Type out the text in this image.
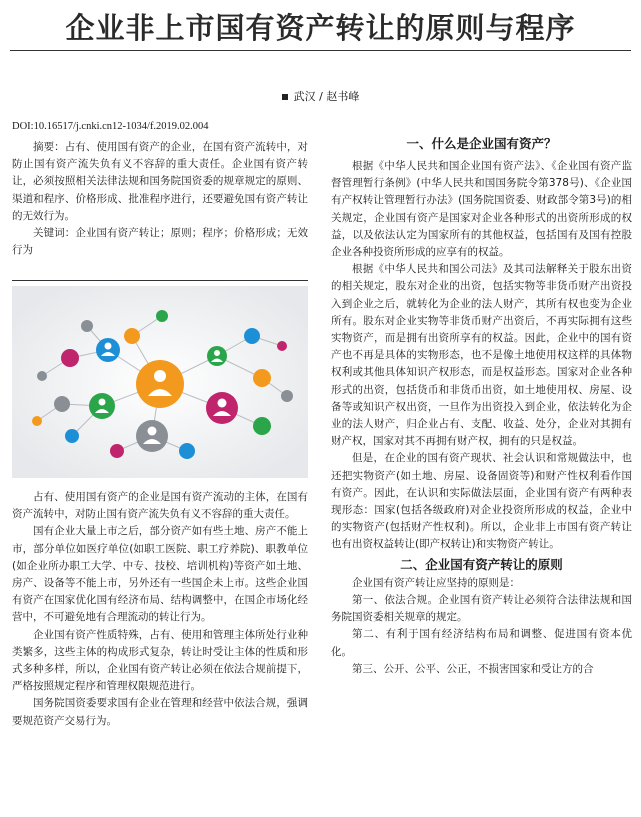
企业非上市国有资产转让的原则与程序
武汉 / 赵书峰
DOI:10.16517/j.cnki.cn12-1034/f.2019.02.004

摘要：占有、使用国有资产的企业，在国有资产流转中，对防止国有资产流失负有义不容辞的重大责任。企业国有资产转让，必须按照相关法律法规和国务院国资委的规章规定的原则、渠道和程序、价格形成、批准程序进行，还要避免国有资产转让的无效行为。

关键词：企业国有资产转让；原则；程序；价格形成；无效行为

占有、使用国有资产的企业是国有资产流动的主体，在国有资产流转中，对防止国有资产流失负有义不容辞的重大责任。

国有企业大量上市之后，部分资产如有些土地、房产不能上市，部分单位如医疗单位(如职工医院、职工疗养院)、职教单位(如企业所办职工大学、中专、技校、培训机构)等资产如土地、房产、设备等不能上市，另外还有一些国企未上市。这些企业国有资产在国家优化国有经济布局、结构调整中，在国企市场化经营中，不可避免地有合理流动的转让行为。

企业国有资产性质特殊，占有、使用和管理主体所处行业种类繁多，这些主体的构成形式复杂，转让时受让主体的性质和形式多种多样，所以，企业国有资产转让必须在依法合规前提下，严格按照规定程序和管理权限规范进行。

国务院国资委要求国有企业在管理和经营中依法合规，强调要规范资产交易行为。

一、什么是企业国有资产？

根据《中华人民共和国企业国有资产法》、《企业国有资产监督管理暂行条例》(中华人民共和国国务院令第378号)、《企业国有产权转让管理暂行办法》(国务院国资委、财政部令第3号)的相关规定，企业国有资产是国家对企业各种形式的出资所形成的权益，以及依法认定为国家所有的其他权益，包括国有及国有控股企业各种投资所形成的应享有的权益。

根据《中华人民共和国公司法》及其司法解释关于股东出资的相关规定，股东对企业的出资，包括实物等非货币财产出资投入到企业之后，就转化为企业的法人财产，其所有权也变为企业所有。股东对企业实物等非货币财产出资后，不再实际拥有这些实物资产，而是拥有出资所享有的权益。因此，企业中的国有资产也不再是具体的实物形态，也不是像土地使用权这样的具体物权利或其他具体知识产权形态，而是权益形态。国家对企业各种形式的出资，包括货币和非货币出资，如土地使用权、房屋、设备等或知识产权出资，一旦作为出资投入到企业，依法转化为企业的法人财产，归企业占有、支配、收益、处分，企业对其拥有财产权，国家对其不再拥有财产权，拥有的只是权益。

但是，在企业的国有资产现状、社会认识和常规做法中，也还把实物资产(如土地、房屋、设备固资等)和财产性权利看作国有资产。因此，在认识和实际做法层面，企业国有资产有两种表现形态：国家(包括各级政府)对企业投资所形成的权益，企业中的实物资产(包括财产性权利)。所以，企业非上市国有资产转让也有出资权益转让(即产权转让)和实物资产转让。

二、企业国有资产转让的原则

企业国有资产转让应坚持的原则是：

第一、依法合规。企业国有资产转让必须符合法律法规和国务院国资委相关规章的规定。

第二、有利于国有经济结构布局和调整、促进国有资本优化。

第三、公开、公平、公正，不损害国家和受让方的合
